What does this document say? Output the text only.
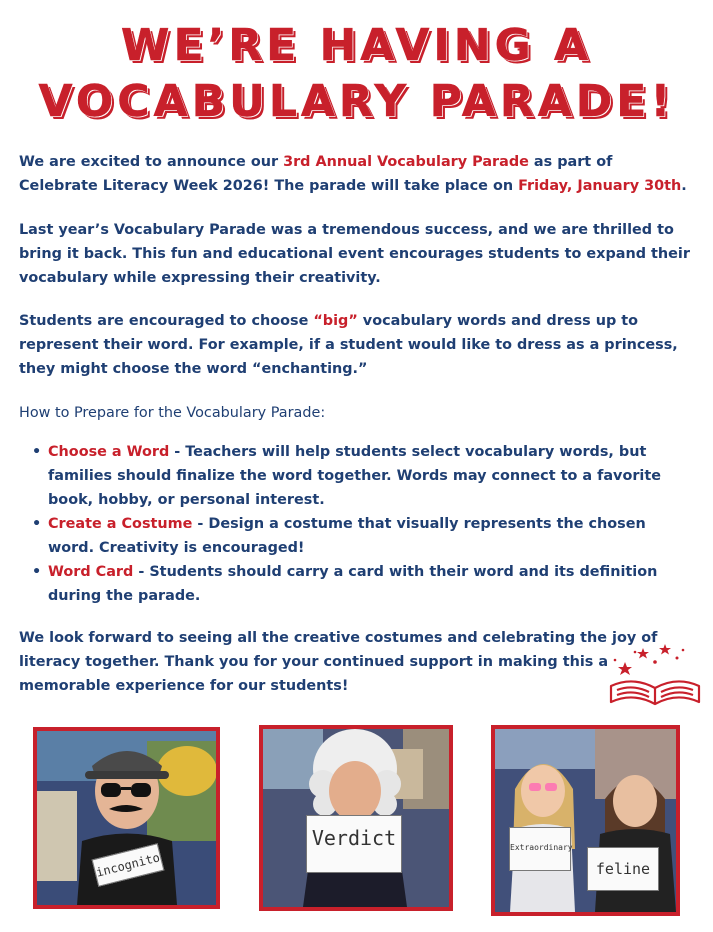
WE’RE HAVING A
VOCABULARY PARADE!
We are excited to announce our 3rd Annual Vocabulary Parade as part of Celebrate Literacy Week 2026! The parade will take place on Friday, January 30th.
Last year’s Vocabulary Parade was a tremendous success, and we are thrilled to bring it back. This fun and educational event encourages students to expand their vocabulary while expressing their creativity.
Students are encouraged to choose “big” vocabulary words and dress up to represent their word. For example, if a student would like to dress as a princess, they might choose the word “enchanting.”
How to Prepare for the Vocabulary Parade:
• Choose a Word - Teachers will help students select vocabulary words, but families should finalize the word together. Words may connect to a favorite book, hobby, or personal interest.
• Create a Costume - Design a costume that visually represents the chosen word. Creativity is encouraged!
• Word Card - Students should carry a card with their word and its definition during the parade.
We look forward to seeing all the creative costumes and celebrating the joy of literacy together. Thank you for your continued support in making this a memorable experience for our students!
incognito
Verdict	Extraordinary
feline
